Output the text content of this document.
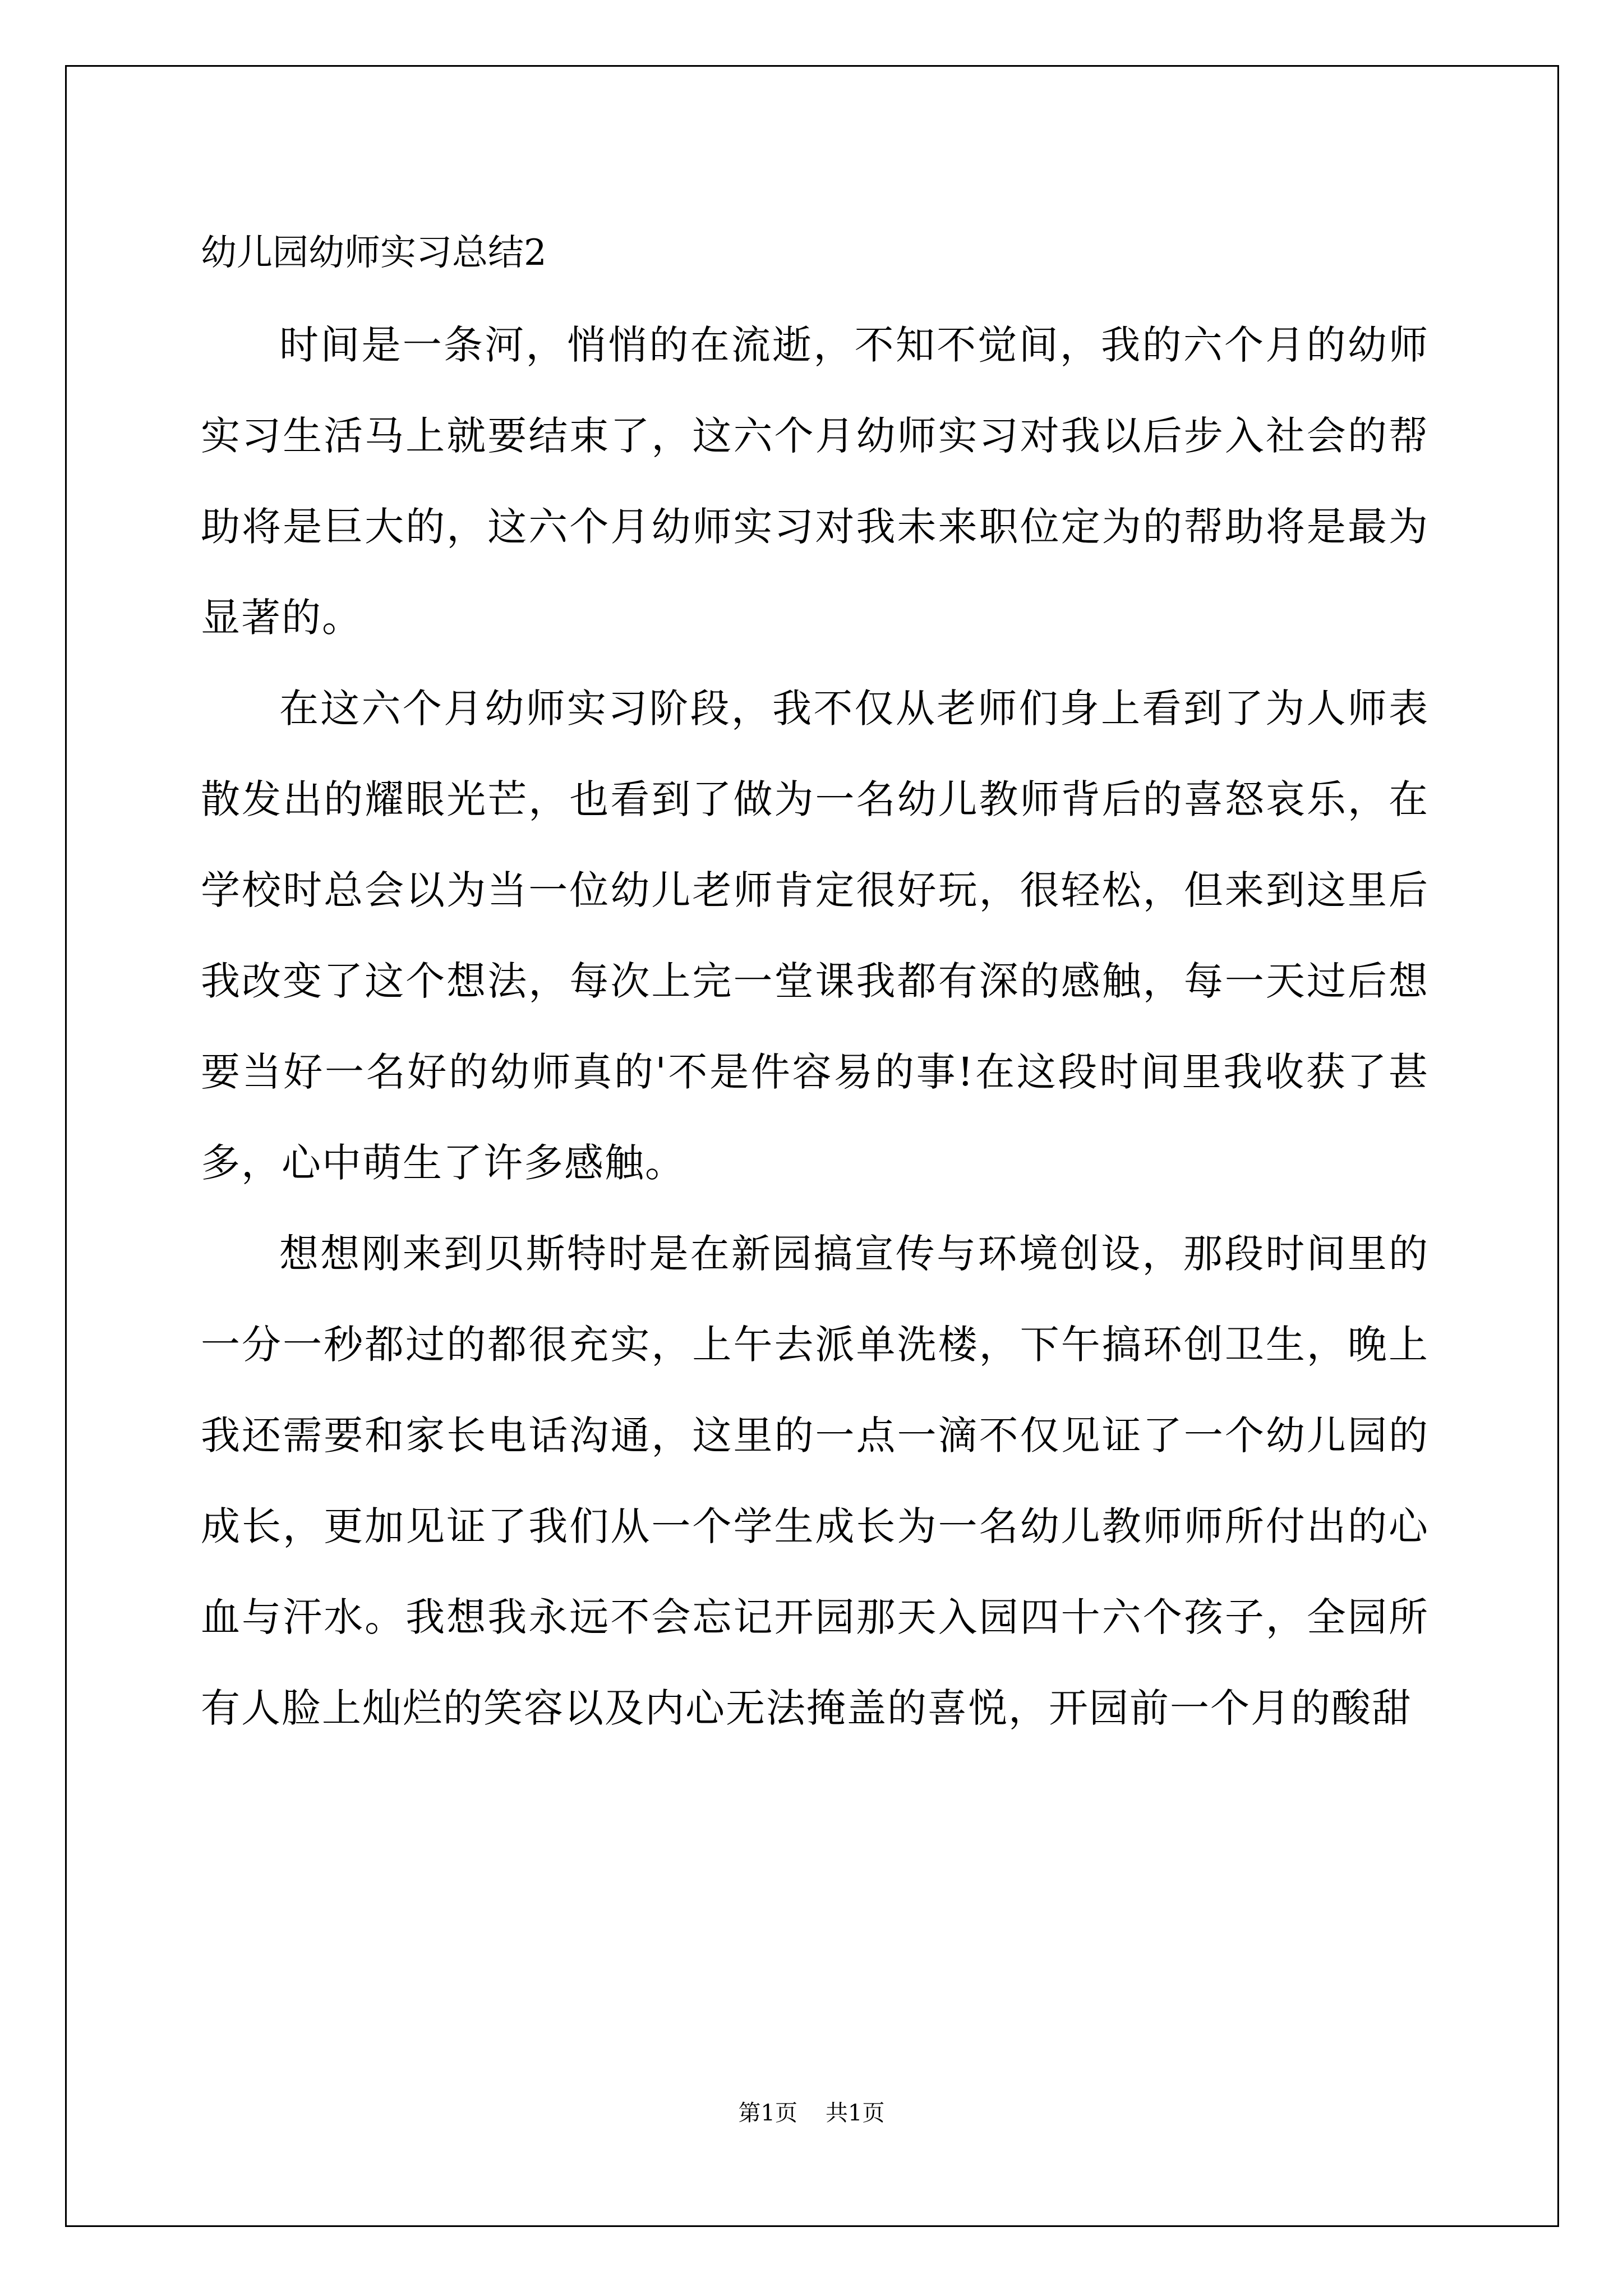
幼儿园幼师实习总结2

时间是一条河，悄悄的在流逝，不知不觉间，我的六个月的幼师实习生活马上就要结束了，这六个月幼师实习对我以后步入社会的帮助将是巨大的，这六个月幼师实习对我未来职位定为的帮助将是最为显著的。

在这六个月幼师实习阶段，我不仅从老师们身上看到了为人师表散发出的耀眼光芒，也看到了做为一名幼儿教师背后的喜怒哀乐，在学校时总会以为当一位幼儿老师肯定很好玩，很轻松，但来到这里后我改变了这个想法，每次上完一堂课我都有深的感触，每一天过后想要当好一名好的幼师真的'不是件容易的事!在这段时间里我收获了甚多，心中萌生了许多感触。

想想刚来到贝斯特时是在新园搞宣传与环境创设，那段时间里的一分一秒都过的都很充实，上午去派单洗楼，下午搞环创卫生，晚上我还需要和家长电话沟通，这里的一点一滴不仅见证了一个幼儿园的成长，更加见证了我们从一个学生成长为一名幼儿教师师所付出的心血与汗水。我想我永远不会忘记开园那天入园四十六个孩子，全园所有人脸上灿烂的笑容以及内心无法掩盖的喜悦，开园前一个月的酸甜

第1页 共1页
